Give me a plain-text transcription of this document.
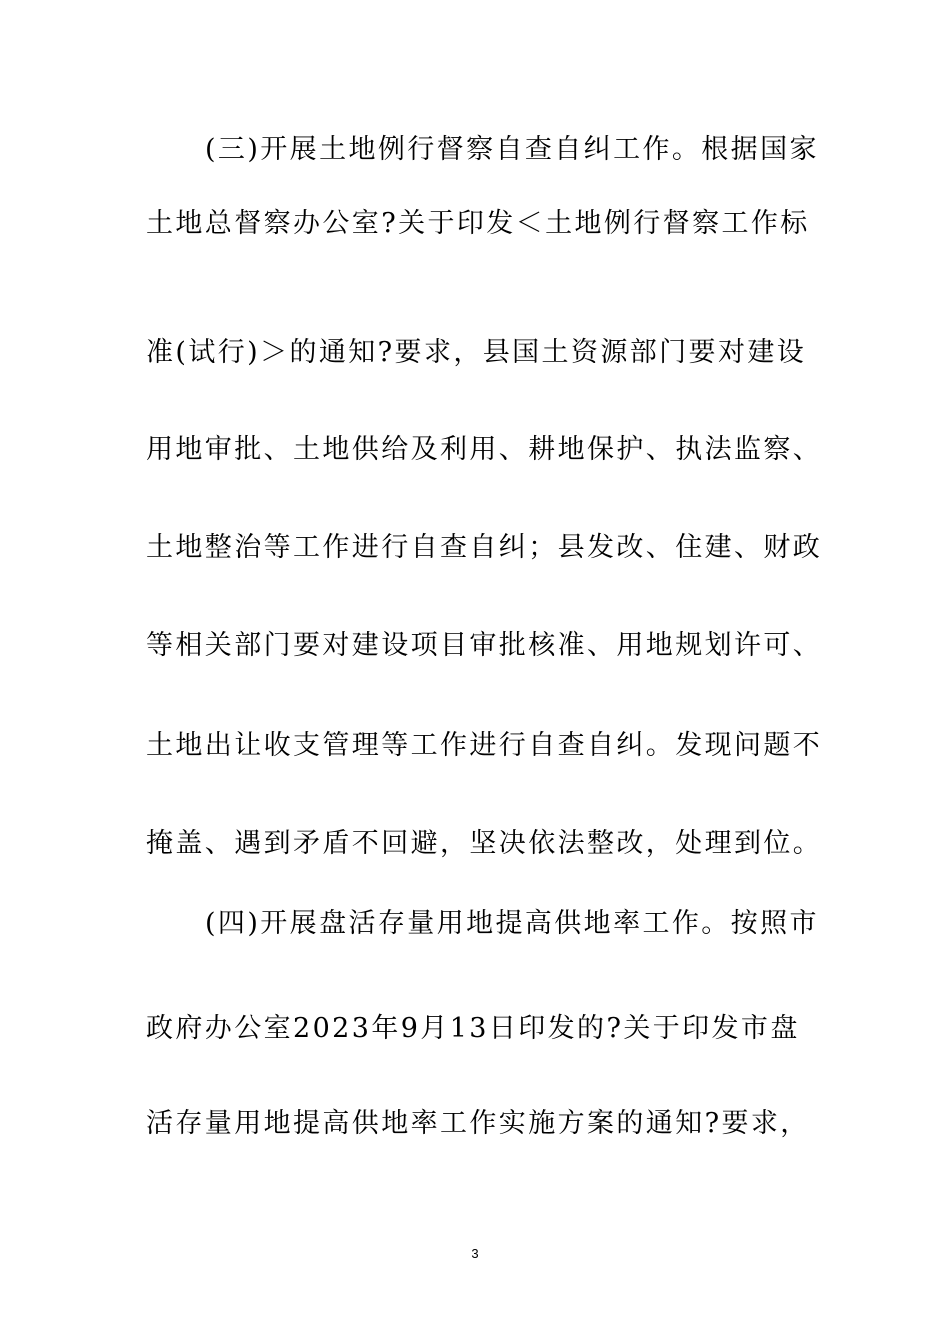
(三)开展土地例行督察自查自纠工作。根据国家
土地总督察办公室?关于印发＜土地例行督察工作标
准(试行)＞的通知?要求，县国土资源部门要对建设
用地审批、土地供给及利用、耕地保护、执法监察、
土地整治等工作进行自查自纠；县发改、住建、财政
等相关部门要对建设项目审批核准、用地规划许可、
土地出让收支管理等工作进行自查自纠。发现问题不
掩盖、遇到矛盾不回避，坚决依法整改，处理到位。
(四)开展盘活存量用地提高供地率工作。按照市
政府办公室2023年9月13日印发的?关于印发市盘
活存量用地提高供地率工作实施方案的通知?要求，
3
